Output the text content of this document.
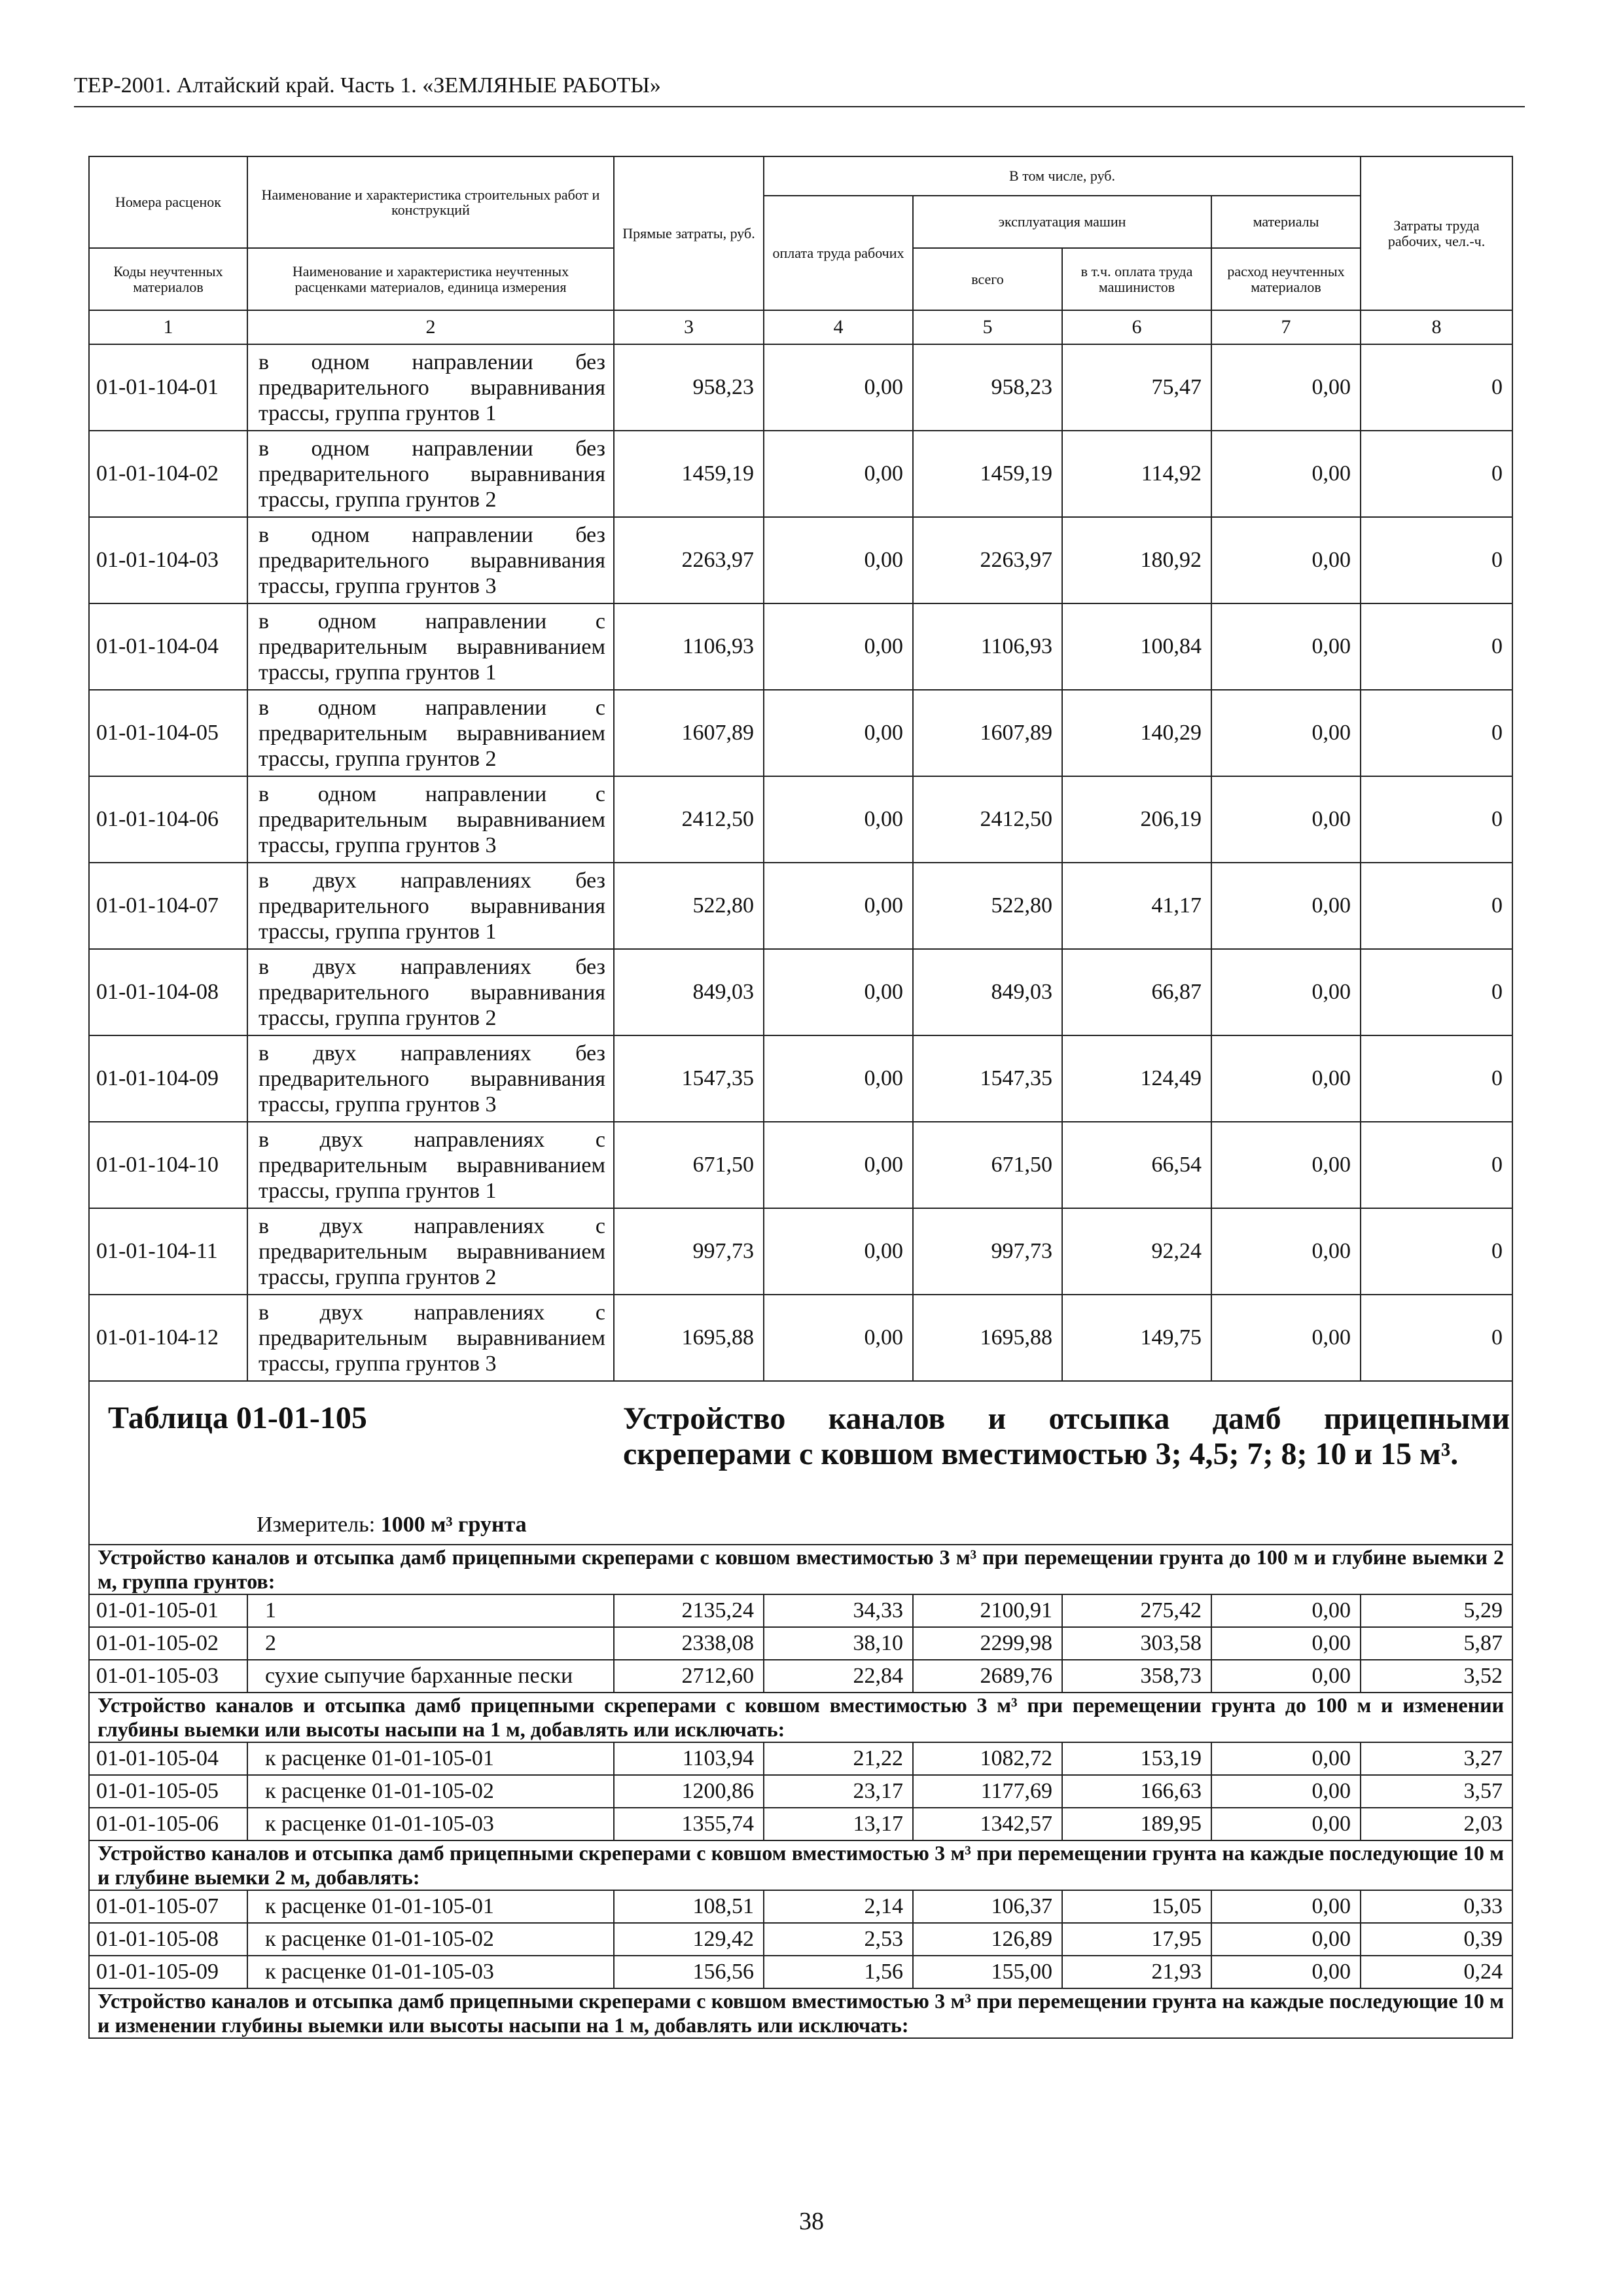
ТЕР-2001. Алтайский край. Часть 1. «ЗЕМЛЯНЫЕ РАБОТЫ»
Номера расценок	Наименование и характеристика строительных работ и конструкций	Прямые затраты, руб.	В том числе, руб.				Затраты труда рабочих, чел.-ч.
			оплата труда рабочих	эксплуатация машин		материалы	
Коды неучтенных материалов	Наименование и характеристика неучтенных расценками материалов, единица измерения			всего	в т.ч. оплата труда машинистов	расход неучтенных материалов	
1	2	3	4	5	6	7	8
01-01-104-01	в одном направлении без предварительного выравнивания трассы, группа грунтов 1	958,23	0,00	958,23	75,47	0,00	0
01-01-104-02	в одном направлении без предварительного выравнивания трассы, группа грунтов 2	1459,19	0,00	1459,19	114,92	0,00	0
01-01-104-03	в одном направлении без предварительного выравнивания трассы, группа грунтов 3	2263,97	0,00	2263,97	180,92	0,00	0
01-01-104-04	в одном направлении с предварительным выравниванием трассы, группа грунтов 1	1106,93	0,00	1106,93	100,84	0,00	0
01-01-104-05	в одном направлении с предварительным выравниванием трассы, группа грунтов 2	1607,89	0,00	1607,89	140,29	0,00	0
01-01-104-06	в одном направлении с предварительным выравниванием трассы, группа грунтов 3	2412,50	0,00	2412,50	206,19	0,00	0
01-01-104-07	в двух направлениях без предварительного выравнивания трассы, группа грунтов 1	522,80	0,00	522,80	41,17	0,00	0
01-01-104-08	в двух направлениях без предварительного выравнивания трассы, группа грунтов 2	849,03	0,00	849,03	66,87	0,00	0
01-01-104-09	в двух направлениях без предварительного выравнивания трассы, группа грунтов 3	1547,35	0,00	1547,35	124,49	0,00	0
01-01-104-10	в двух направлениях с предварительным выравниванием трассы, группа грунтов 1	671,50	0,00	671,50	66,54	0,00	0
01-01-104-11	в двух направлениях с предварительным выравниванием трассы, группа грунтов 2	997,73	0,00	997,73	92,24	0,00	0
01-01-104-12	в двух направлениях с предварительным выравниванием трассы, группа грунтов 3	1695,88	0,00	1695,88	149,75	0,00	0

Таблица 01-01-105 Устройство каналов и отсыпка дамб прицепными скреперами с ковшом вместимостью 3; 4,5; 7; 8; 10 и 15 м³.
Измеритель: 1000 м³ грунта							

Устройство каналов и отсыпка дамб прицепными скреперами с ковшом вместимостью 3 м³ при перемещении грунта до 100 м и глубине выемки 2 м, группа грунтов:							
01-01-105-01	1	2135,24	34,33	2100,91	275,42	0,00	5,29
01-01-105-02	2	2338,08	38,10	2299,98	303,58	0,00	5,87
01-01-105-03	сухие сыпучие барханные пески	2712,60	22,84	2689,76	358,73	0,00	3,52
Устройство каналов и отсыпка дамб прицепными скреперами с ковшом вместимостью 3 м³ при перемещении грунта до 100 м и изменении глубины выемки или высоты насыпи на 1 м, добавлять или исключать:							
01-01-105-04	к расценке 01-01-105-01	1103,94	21,22	1082,72	153,19	0,00	3,27
01-01-105-05	к расценке 01-01-105-02	1200,86	23,17	1177,69	166,63	0,00	3,57
01-01-105-06	к расценке 01-01-105-03	1355,74	13,17	1342,57	189,95	0,00	2,03
Устройство каналов и отсыпка дамб прицепными скреперами с ковшом вместимостью 3 м³ при перемещении грунта на каждые последующие 10 м и глубине выемки 2 м, добавлять:							
01-01-105-07	к расценке 01-01-105-01	108,51	2,14	106,37	15,05	0,00	0,33
01-01-105-08	к расценке 01-01-105-02	129,42	2,53	126,89	17,95	0,00	0,39
01-01-105-09	к расценке 01-01-105-03	156,56	1,56	155,00	21,93	0,00	0,24
Устройство каналов и отсыпка дамб прицепными скреперами с ковшом вместимостью 3 м³ при перемещении грунта на каждые последующие 10 м и изменении глубины выемки или высоты насыпи на 1 м, добавлять или исключать:							
38
